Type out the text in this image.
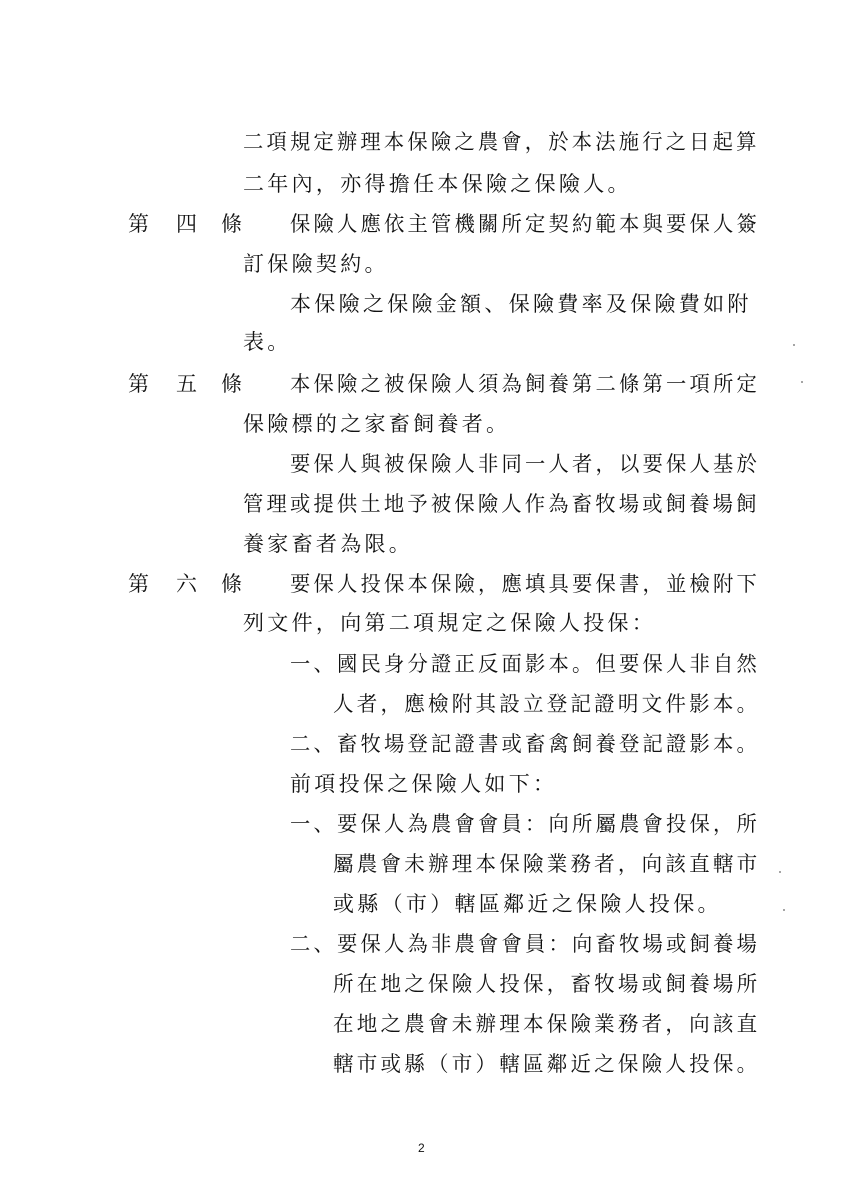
第 四 條
第 五 條
第 六 條
二項規定辦理本保險之農會，於本法施行之日起算
二年內，亦得擔任本保險之保險人。
保險人應依主管機關所定契約範本與要保人簽
訂保險契約。
本保險之保險金額、保險費率及保險費如附
表。
本保險之被保險人須為飼養第二條第一項所定
保險標的之家畜飼養者。
要保人與被保險人非同一人者，以要保人基於
管理或提供土地予被保險人作為畜牧場或飼養場飼
養家畜者為限。
要保人投保本保險，應填具要保書，並檢附下
列文件，向第二項規定之保險人投保：
一、國民身分證正反面影本。但要保人非自然
人者，應檢附其設立登記證明文件影本。
二、畜牧場登記證書或畜禽飼養登記證影本。
前項投保之保險人如下：
一、要保人為農會會員：向所屬農會投保，所
屬農會未辦理本保險業務者，向該直轄市
或縣（市）轄區鄰近之保險人投保。
二、要保人為非農會會員：向畜牧場或飼養場
所在地之保險人投保，畜牧場或飼養場所
在地之農會未辦理本保險業務者，向該直
轄市或縣（市）轄區鄰近之保險人投保。
2
